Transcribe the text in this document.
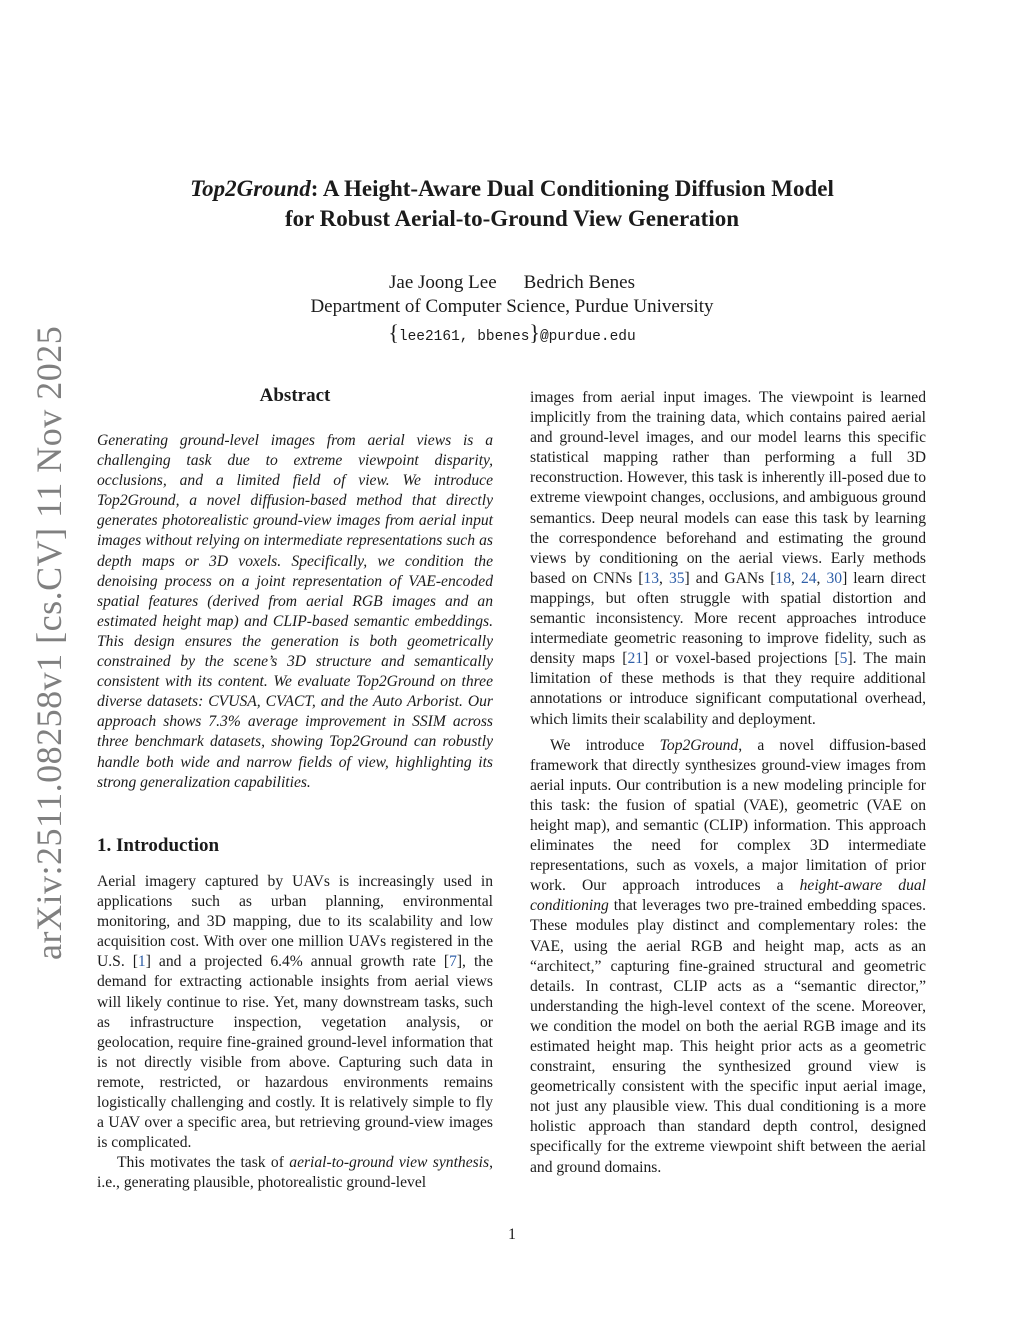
arXiv:2511.08258v1 [cs.CV] 11 Nov 2025
Top2Ground: A Height-Aware Dual Conditioning Diffusion Model
for Robust Aerial-to-Ground View Generation
Jae Joong Lee Bedrich Benes
Department of Computer Science, Purdue University
{lee2161, bbenes}@purdue.edu
Abstract
Generating ground-level images from aerial views is a challenging task due to extreme viewpoint disparity, occlusions, and a limited field of view. We introduce Top2Ground, a novel diffusion-based method that directly generates photorealistic ground-view images from aerial input images without relying on intermediate representations such as depth maps or 3D voxels. Specifically, we condition the denoising process on a joint representation of VAE-encoded spatial features (derived from aerial RGB images and an estimated height map) and CLIP-based semantic embeddings. This design ensures the generation is both geometrically constrained by the scene’s 3D structure and semantically consistent with its content. We evaluate Top2Ground on three diverse datasets: CVUSA, CVACT, and the Auto Arborist. Our approach shows 7.3% average improvement in SSIM across three benchmark datasets, showing Top2Ground can robustly handle both wide and narrow fields of view, highlighting its strong generalization capabilities.
1. Introduction

Aerial imagery captured by UAVs is increasingly used in applications such as urban planning, environmental monitoring, and 3D mapping, due to its scalability and low acquisition cost. With over one million UAVs registered in the U.S. [1] and a projected 6.4% annual growth rate [7], the demand for extracting actionable insights from aerial views will likely continue to rise. Yet, many downstream tasks, such as infrastructure inspection, vegetation analysis, or geolocation, require fine-grained ground-level information that is not directly visible from above. Capturing such data in remote, restricted, or hazardous environments remains logistically challenging and costly. It is relatively simple to fly a UAV over a specific area, but retrieving ground-view images is complicated.

This motivates the task of aerial-to-ground view synthesis, i.e., generating plausible, photorealistic ground-level

images from aerial input images. The viewpoint is learned implicitly from the training data, which contains paired aerial and ground-level images, and our model learns this specific statistical mapping rather than performing a full 3D reconstruction. However, this task is inherently ill-posed due to extreme viewpoint changes, occlusions, and ambiguous ground semantics. Deep neural models can ease this task by learning the correspondence beforehand and estimating the ground views by conditioning on the aerial views. Early methods based on CNNs [13, 35] and GANs [18, 24, 30] learn direct mappings, but often struggle with spatial distortion and semantic inconsistency. More recent approaches introduce intermediate geometric reasoning to improve fidelity, such as density maps [21] or voxel-based projections [5]. The main limitation of these methods is that they require additional annotations or introduce significant computational overhead, which limits their scalability and deployment.

We introduce Top2Ground, a novel diffusion-based framework that directly synthesizes ground-view images from aerial inputs. Our contribution is a new modeling principle for this task: the fusion of spatial (VAE), geometric (VAE on height map), and semantic (CLIP) information. This approach eliminates the need for complex 3D intermediate representations, such as voxels, a major limitation of prior work. Our approach introduces a height-aware dual conditioning that leverages two pre-trained embedding spaces. These modules play distinct and complementary roles: the VAE, using the aerial RGB and height map, acts as an “architect,” capturing fine-grained structural and geometric details. In contrast, CLIP acts as a “semantic director,” understanding the high-level context of the scene. Moreover, we condition the model on both the aerial RGB image and its estimated height map. This height prior acts as a geometric constraint, ensuring the synthesized ground view is geometrically consistent with the specific input aerial image, not just any plausible view. This dual conditioning is a more holistic approach than standard depth control, designed specifically for the extreme viewpoint shift between the aerial and ground domains.

1
